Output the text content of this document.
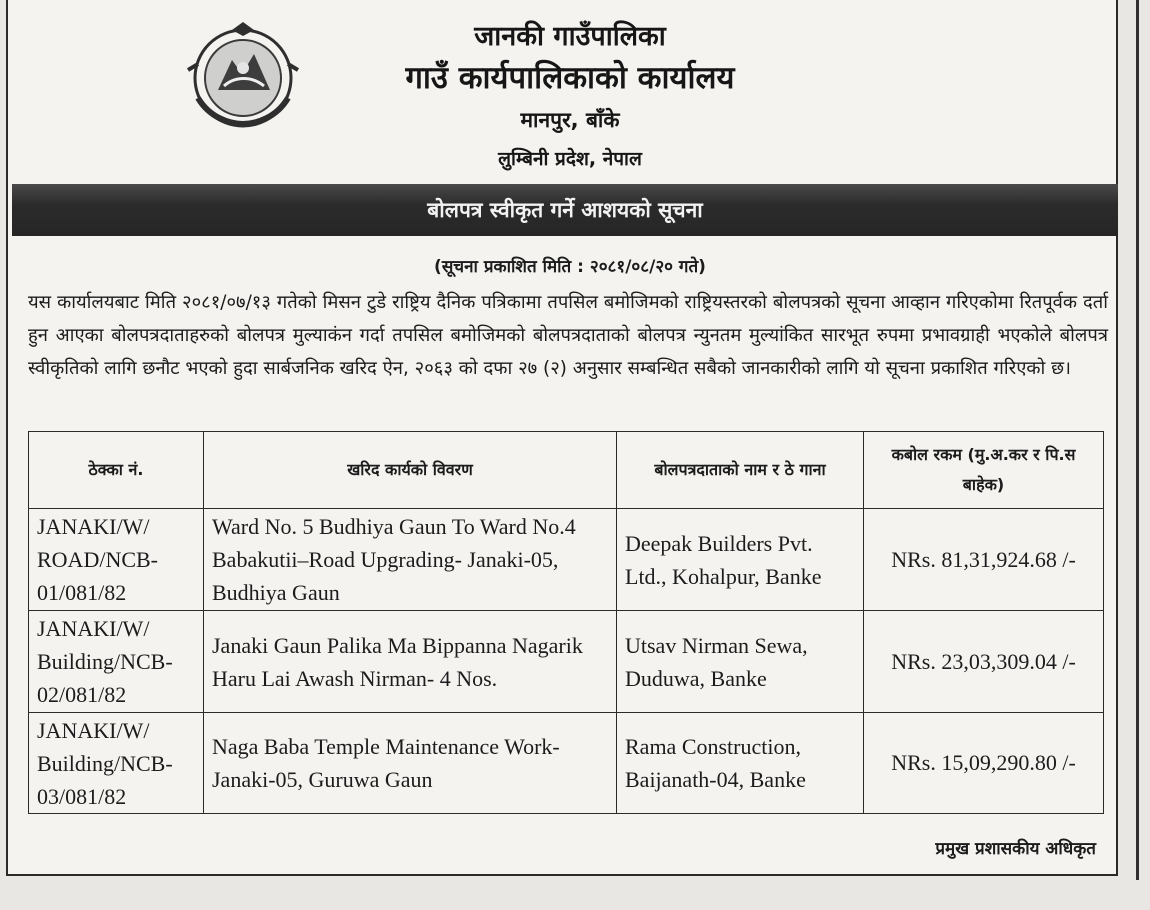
जानकी गाउँपालिका
गाउँ कार्यपालिकाको कार्यालय
मानपुर, बाँके
लुम्बिनी प्रदेश, नेपाल
बोलपत्र स्वीकृत गर्ने आशयको सूचना
(सूचना प्रकाशित मिति : २०८१/०८/२० गते)
यस कार्यालयबाट मिति २०८१/०७/१३ गतेको मिसन टुडे राष्ट्रिय दैनिक पत्रिकामा तपसिल बमोजिमको राष्ट्रियस्तरको बोलपत्रको सूचना आव्हान गरिएकोमा रितपूर्वक दर्ता हुन आएका बोलपत्रदाताहरुको बोलपत्र मुल्याकंन गर्दा तपसिल बमोजिमको बोलपत्रदाताको बोलपत्र न्युनतम मुल्यांकित सारभूत रुपमा प्रभावग्राही भएकोले बोलपत्र स्वीकृतिको लागि छनौट भएको हुदा सार्बजनिक खरिद ऐन, २०६३ को दफा २७ (२) अनुसार सम्बन्धित सबैको जानकारीको लागि यो सूचना प्रकाशित गरिएको छ।
ठेक्का नं.	खरिद कार्यको विवरण	बोलपत्रदाताको नाम र ठे गाना	कबोल रकम (मु.अ.कर र पि.स बाहेक)
JANAKI/W/ ROAD/NCB-01/081/82	Ward No. 5 Budhiya Gaun To Ward No.4 Babakutii–Road Upgrading- Janaki-05, Budhiya Gaun	Deepak Builders Pvt. Ltd., Kohalpur, Banke	NRs. 81,31,924.68 /-
JANAKI/W/ Building/NCB-02/081/82	Janaki Gaun Palika Ma Bippanna Nagarik Haru Lai Awash Nirman- 4 Nos.	Utsav Nirman Sewa, Duduwa, Banke	NRs. 23,03,309.04 /-
JANAKI/W/ Building/NCB-03/081/82	Naga Baba Temple Maintenance Work- Janaki-05, Guruwa Gaun	Rama Construction, Baijanath-04, Banke	NRs. 15,09,290.80 /-
प्रमुख प्रशासकीय अधिकृत
